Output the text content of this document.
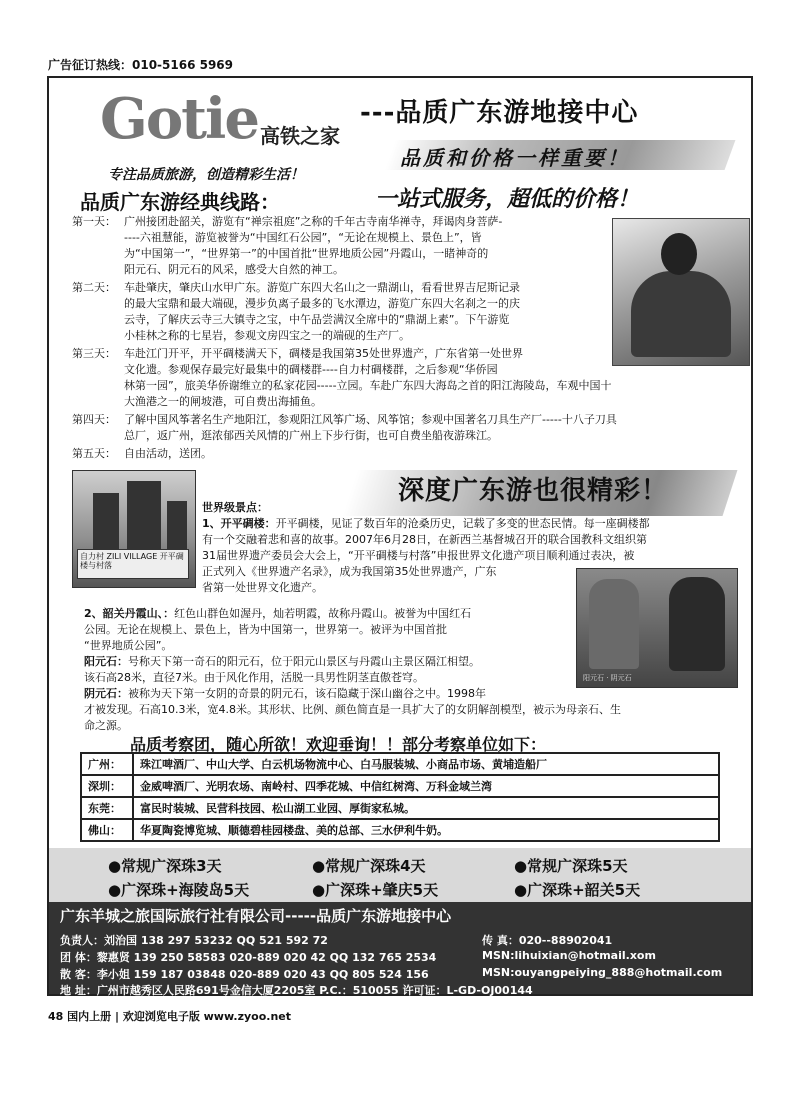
广告征订热线：010-5166 5969
Gotie 高铁之家
---品质广东游地接中心
品质和价格一样重要！
专注品质旅游，创造精彩生活！
品质广东游经典线路：	一站式服务，超低的价格！
第一天： 广州接团赴韶关，游览有“禅宗祖庭”之称的千年古寺南华禅寺，拜谒肉身菩萨-
----六祖慧能，游览被誉为“中国红石公园”，“无论在规模上、景色上”，皆
为“中国第一”，“世界第一”的中国首批“世界地质公园”丹霞山，一睹神奇的
阳元石、阴元石的风采，感受大自然的神工。
第二天： 车赴肇庆，肇庆山水甲广东。游览广东四大名山之一鼎湖山，看看世界吉尼斯记录
的最大宝鼎和最大端砚，漫步负离子最多的飞水潭边，游览广东四大名刹之一的庆
云寺，了解庆云寺三大镇寺之宝，中午品尝满汉全席中的“鼎湖上素”。下午游览
小桂林之称的七星岩，参观文房四宝之一的端砚的生产厂。
第三天： 车赴江门开平，开平碉楼满天下，碉楼是我国第35处世界遗产，广东省第一处世界
文化遗。参观保存最完好最集中的碉楼群----自力村碉楼群，之后参观“华侨园
林第一园”，旅美华侨谢维立的私家花园-----立园。车赴广东四大海岛之首的阳江海陵岛，车观中国十
大渔港之一的闸坡港，可自费出海捕鱼。
第四天： 了解中国风筝著名生产地阳江，参观阳江风筝广场、风筝馆；参观中国著名刀具生产厂-----十八子刀具
总厂，返广州，逛浓郁西关风情的广州上下步行街，也可自费坐船夜游珠江。
第五天： 自由活动，送团。
深度广东游也很精彩！
自力村 ZILI VILLAGE 开平碉楼与村落
世界级景点：
1、开平碉楼：开平碉楼，见证了数百年的沧桑历史，记载了多变的世态民情。每一座碉楼都
有一个交融着悲和喜的故事。2007年6月28日，在新西兰基督城召开的联合国教科文组织第
31届世界遗产委员会大会上，“开平碉楼与村落”申报世界文化遗产项目顺利通过表决，被
正式列入《世界遗产名录》，成为我国第35处世界遗产，广东
省第一处世界文化遗产。
阳元石 · 阴元石
2、韶关丹霞山、：红色山群色如渥丹，灿若明霞，故称丹霞山。被誉为中国红石
公园。无论在规模上、景色上，皆为中国第一，世界第一。被评为中国首批
“世界地质公园”。
阳元石：号称天下第一奇石的阳元石，位于阳元山景区与丹霞山主景区隔江相望。
该石高28米，直径7米。由于风化作用，活脱一具男性阴茎直傲苍穹。
阴元石：被称为天下第一女阴的奇景的阴元石，该石隐藏于深山幽谷之中。1998年
才被发现。石高10.3米，宽4.8米。其形状、比例、颜色简直是一具扩大了的女阴解剖模型，被示为母亲石、生
命之源。
品质考察团，随心所欲！欢迎垂询！！部分考察单位如下：
广州：	珠江啤酒厂、中山大学、白云机场物流中心、白马服装城、小商品市场、黄埔造船厂
深圳：	金威啤酒厂、光明农场、南岭村、四季花城、中信红树湾、万科金域兰湾
东莞：	富民时装城、民营科技园、松山湖工业园、厚街家私城。
佛山：	华夏陶瓷博览城、顺德碧桂园楼盘、美的总部、三水伊利牛奶。
●常规广深珠3天	●常规广深珠4天	●常规广深珠5天
●广深珠+海陵岛5天	●广深珠+肇庆5天	●广深珠+韶关5天
广东羊城之旅国际旅行社有限公司-----品质广东游地接中心
负责人：刘治国 138 297 53232 QQ 521 592 72	传 真：020--88902041
团 体：黎惠贤 139 250 58583 020-889 020 42 QQ 132 765 2534	MSN:lihuixian@hotmail.xom
散 客：李小姐 159 187 03848 020-889 020 43 QQ 805 524 156	MSN:ouyangpeiying_888@hotmail.com
地 址：广州市越秀区人民路691号金信大厦2205室 P.C.：510055 许可证：L-GD-OJ00144
48 国内上册 | 欢迎浏览电子版 www.zyoo.net
